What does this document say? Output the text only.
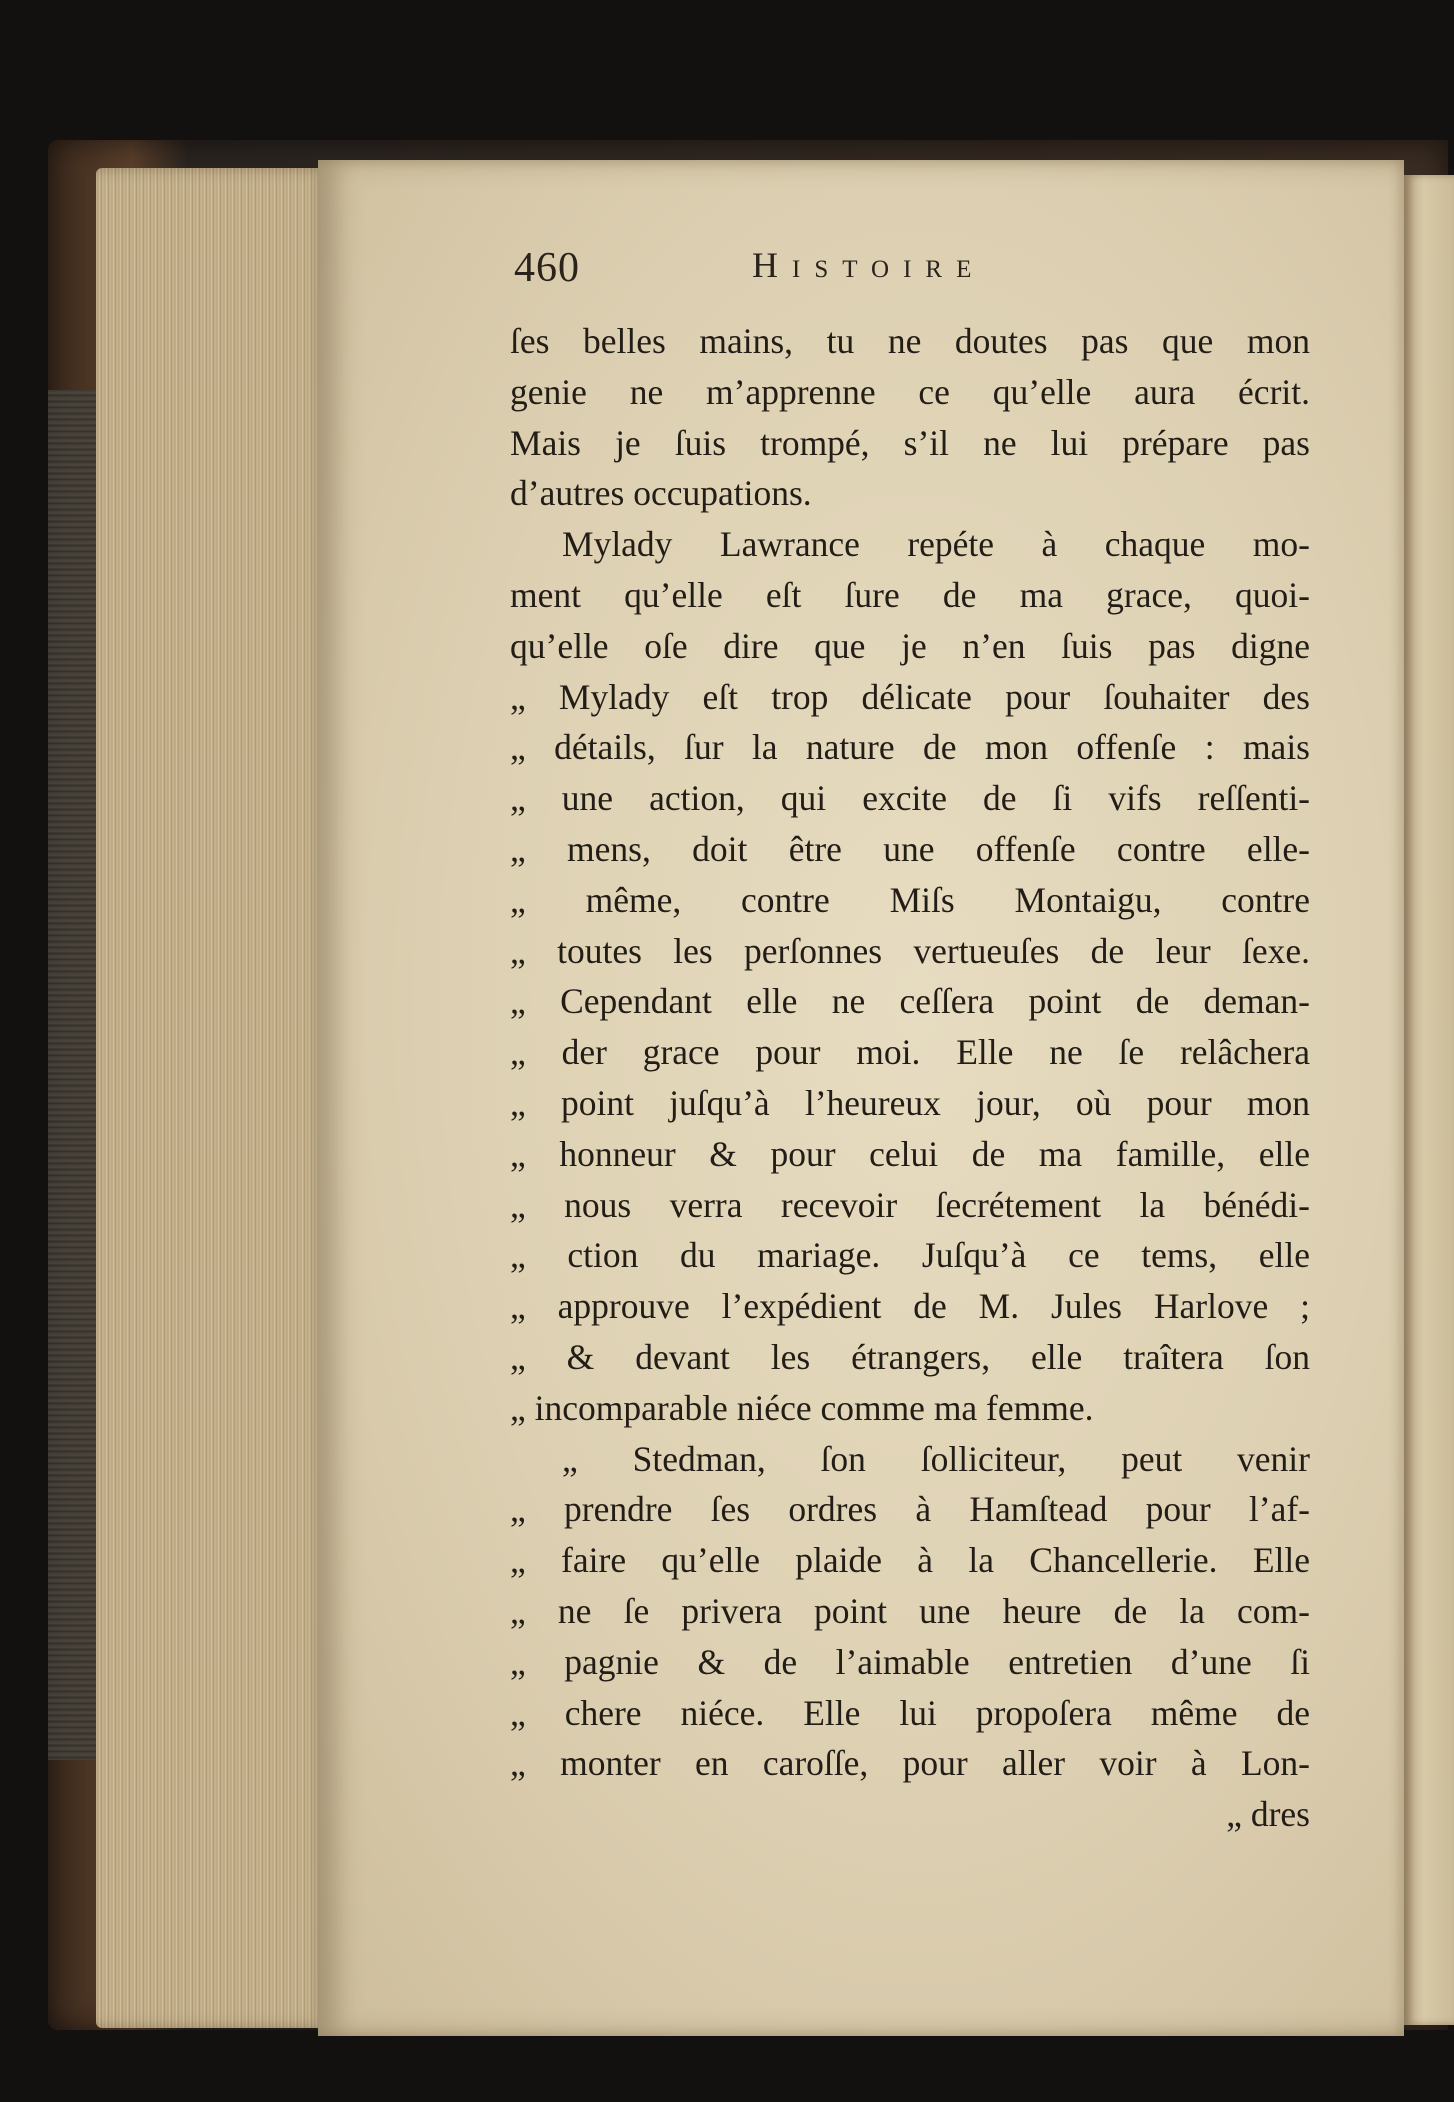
460	Histoire
ſes belles mains, tu ne doutes pas que mon
genie ne m’apprenne ce qu’elle aura écrit.
Mais je ſuis trompé, s’il ne lui prépare pas
d’autres occupations.
Mylady Lawrance repéte à chaque mo-
ment qu’elle eſt ſure de ma grace, quoi-
qu’elle oſe dire que je n’en ſuis pas digne
„ Mylady eſt trop délicate pour ſouhaiter des
„ détails, ſur la nature de mon offenſe : mais
„ une action, qui excite de ſi vifs reſſenti-
„ mens, doit être une offenſe contre elle-
„ même, contre Miſs Montaigu, contre
„ toutes les perſonnes vertueuſes de leur ſexe.
„ Cependant elle ne ceſſera point de deman-
„ der grace pour moi. Elle ne ſe relâchera
„ point juſqu’à l’heureux jour, où pour mon
„ honneur & pour celui de ma famille, elle
„ nous verra recevoir ſecrétement la bénédi-
„ ction du mariage. Juſqu’à ce tems, elle
„ approuve l’expédient de M. Jules Harlove ;
„ & devant les étrangers, elle traîtera ſon
„ incomparable niéce comme ma femme.
„ Stedman, ſon ſolliciteur, peut venir
„ prendre ſes ordres à Hamſtead pour l’af-
„ faire qu’elle plaide à la Chancellerie. Elle
„ ne ſe privera point une heure de la com-
„ pagnie & de l’aimable entretien d’une ſi
„ chere niéce. Elle lui propoſera même de
„ monter en caroſſe, pour aller voir à Lon-
„ dres
